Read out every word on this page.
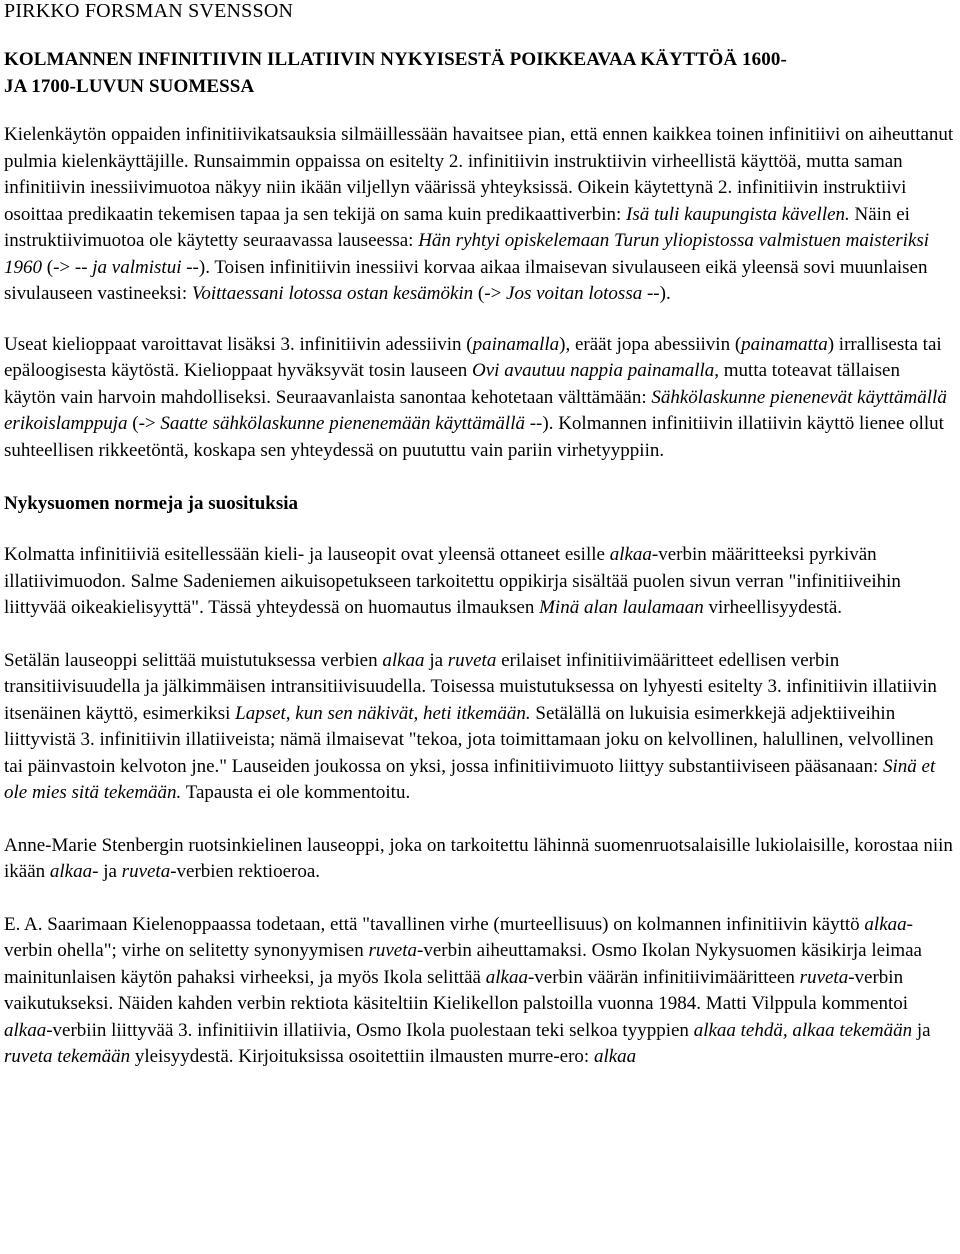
PIRKKO FORSMAN SVENSSON
KOLMANNEN INFINITIIVIN ILLATIIVIN NYKYISESTÄ POIKKEAVAA KÄYTTÖÄ 1600-
JA 1700-LUVUN SUOMESSA

Kielenkäytön oppaiden infinitiivikatsauksia silmäillessään havaitsee pian, että ennen kaikkea toinen infinitiivi on aiheuttanut pulmia kielenkäyttäjille. Runsaimmin oppaissa on esitelty 2. infinitiivin instruktiivin virheellistä käyttöä, mutta saman infinitiivin inessiivimuotoa näkyy niin ikään viljellyn väärissä yhteyksissä. Oikein käytettynä 2. infinitiivin instruktiivi osoittaa predikaatin tekemisen tapaa ja sen tekijä on sama kuin predikaattiverbin: Isä tuli kaupungista kävellen. Näin ei instruktiivimuotoa ole käytetty seuraavassa lauseessa: Hän ryhtyi opiskelemaan Turun yliopistossa valmistuen maisteriksi 1960 (-> -- ja valmistui --). Toisen infinitiivin inessiivi korvaa aikaa ilmaisevan sivulauseen eikä yleensä sovi muunlaisen sivulauseen vastineeksi: Voittaessani lotossa ostan kesämökin (-> Jos voitan lotossa --).

Useat kielioppaat varoittavat lisäksi 3. infinitiivin adessiivin (painamalla), eräät jopa abessiivin (painamatta) irrallisesta tai epäloogisesta käytöstä. Kielioppaat hyväksyvät tosin lauseen Ovi avautuu nappia painamalla, mutta toteavat tällaisen käytön vain harvoin mahdolliseksi. Seuraavanlaista sanontaa kehotetaan välttämään: Sähkölaskunne pienenevät käyttämällä erikoislamppuja (-> Saatte sähkölaskunne pienenemään käyttämällä --). Kolmannen infinitiivin illatiivin käyttö lienee ollut suhteellisen rikkeetöntä, koskapa sen yhteydessä on puututtu vain pariin virhetyyppiin.

Nykysuomen normeja ja suosituksia

Kolmatta infinitiiviä esitellessään kieli- ja lauseopit ovat yleensä ottaneet esille alkaa-verbin määritteeksi pyrkivän illatiivimuodon. Salme Sadeniemen aikuisopetukseen tarkoitettu oppikirja sisältää puolen sivun verran "infinitiiveihin liittyvää oikeakielisyyttä". Tässä yhteydessä on huomautus ilmauksen Minä alan laulamaan virheellisyydestä.

Setälän lauseoppi selittää muistutuksessa verbien alkaa ja ruveta erilaiset infinitiivimääritteet edellisen verbin transitiivisuudella ja jälkimmäisen intransitiivisuudella. Toisessa muistutuksessa on lyhyesti esitelty 3. infinitiivin illatiivin itsenäinen käyttö, esimerkiksi Lapset, kun sen näkivät, heti itkemään. Setälällä on lukuisia esimerkkejä adjektiiveihin liittyvistä 3. infinitiivin illatiiveista; nämä ilmaisevat "tekoa, jota toimittamaan joku on kelvollinen, halullinen, velvollinen tai päinvastoin kelvoton jne." Lauseiden joukossa on yksi, jossa infinitiivimuoto liittyy substantiiviseen pääsanaan: Sinä et ole mies sitä tekemään. Tapausta ei ole kommentoitu.

Anne-Marie Stenbergin ruotsinkielinen lauseoppi, joka on tarkoitettu lähinnä suomenruotsalaisille lukiolaisille, korostaa niin ikään alkaa- ja ruveta-verbien rektioeroa.

E. A. Saarimaan Kielenoppaassa todetaan, että "tavallinen virhe (murteellisuus) on kolmannen infinitiivin käyttö alkaa-verbin ohella"; virhe on selitetty synonyymisen ruveta-verbin aiheuttamaksi. Osmo Ikolan Nykysuomen käsikirja leimaa mainitunlaisen käytön pahaksi virheeksi, ja myös Ikola selittää alkaa-verbin väärän infinitiivimääritteen ruveta-verbin vaikutukseksi. Näiden kahden verbin rektiota käsiteltiin Kielikellon palstoilla vuonna 1984. Matti Vilppula kommentoi alkaa-verbiin liittyvää 3. infinitiivin illatiivia, Osmo Ikola puolestaan teki selkoa tyyppien alkaa tehdä, alkaa tekemään ja ruveta tekemään yleisyydestä. Kirjoituksissa osoitettiin ilmausten murre-ero: alkaa
